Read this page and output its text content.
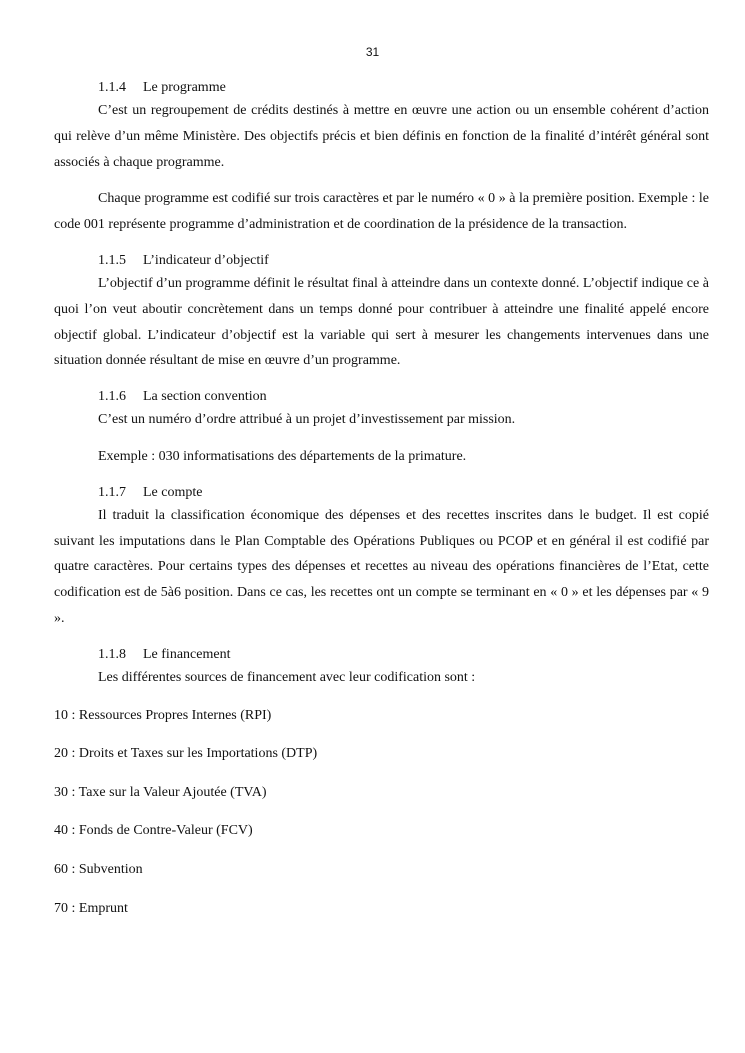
31
1.1.4 Le programme

C’est un regroupement de crédits destinés à mettre en œuvre une action ou un ensemble cohérent d’action qui relève d’un même Ministère. Des objectifs précis et bien définis en fonction de la finalité d’intérêt général sont associés à chaque programme.

Chaque programme est codifié sur trois caractères et par le numéro « 0 » à la première position. Exemple : le code 001 représente programme d’administration et de coordination de la présidence de la transaction.

1.1.5 L’indicateur d’objectif

L’objectif d’un programme définit le résultat final à atteindre dans un contexte donné. L’objectif indique ce à quoi l’on veut aboutir concrètement dans un temps donné pour contribuer à atteindre une finalité appelé encore objectif global. L’indicateur d’objectif est la variable qui sert à mesurer les changements intervenues dans une situation donnée résultant de mise en œuvre d’un programme.

1.1.6 La section convention

C’est un numéro d’ordre attribué à un projet d’investissement par mission.

Exemple : 030 informatisations des départements de la primature.

1.1.7 Le compte

Il traduit la classification économique des dépenses et des recettes inscrites dans le budget. Il est copié suivant les imputations dans le Plan Comptable des Opérations Publiques ou PCOP et en général il est codifié par quatre caractères. Pour certains types des dépenses et recettes au niveau des opérations financières de l’Etat, cette codification est de 5à6 position. Dans ce cas, les recettes ont un compte se terminant en « 0 » et les dépenses par « 9 ».

1.1.8 Le financement

Les différentes sources de financement avec leur codification sont :

10 : Ressources Propres Internes (RPI)
20 : Droits et Taxes sur les Importations (DTP)
30 : Taxe sur la Valeur Ajoutée (TVA)
40 : Fonds de Contre-Valeur (FCV)
60 : Subvention
70 : Emprunt
